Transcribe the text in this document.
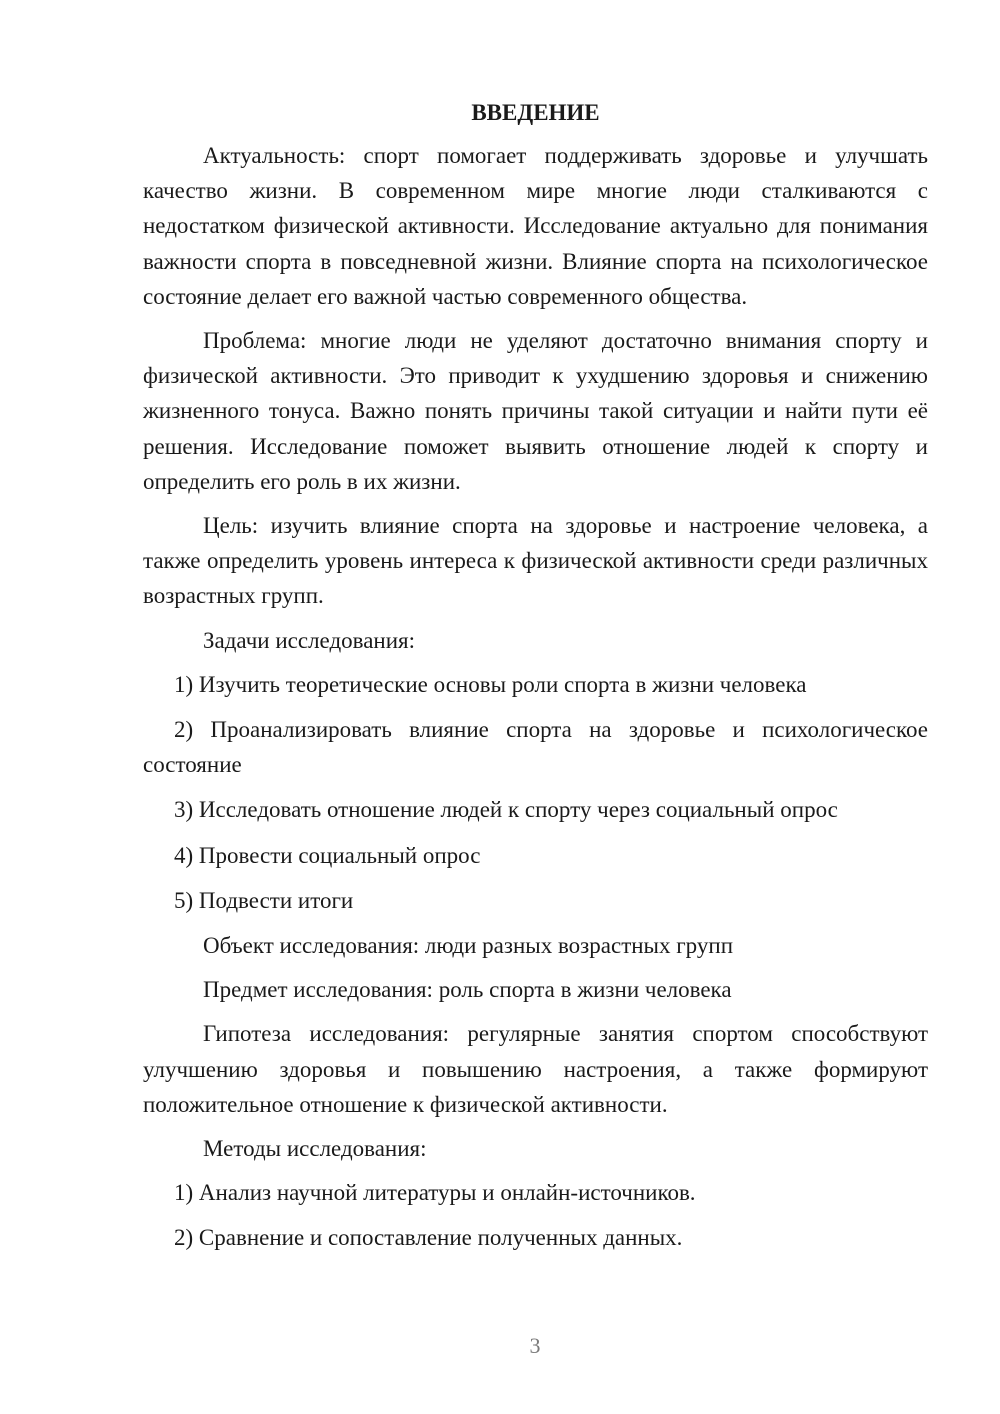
ВВЕДЕНИЕ

Актуальность: спорт помогает поддерживать здоровье и улучшать качество жизни. В современном мире многие люди сталкиваются с недостатком физической активности. Исследование актуально для понимания важности спорта в повседневной жизни. Влияние спорта на психологическое состояние делает его важной частью современного общества.

Проблема: многие люди не уделяют достаточно внимания спорту и физической активности. Это приводит к ухудшению здоровья и снижению жизненного тонуса. Важно понять причины такой ситуации и найти пути её решения. Исследование поможет выявить отношение людей к спорту и определить его роль в их жизни.

Цель: изучить влияние спорта на здоровье и настроение человека, а также определить уровень интереса к физической активности среди различных возрастных групп.

Задачи исследования:

1) Изучить теоретические основы роли спорта в жизни человека

2) Проанализировать влияние спорта на здоровье и психологическое состояние

3) Исследовать отношение людей к спорту через социальный опрос

4) Провести социальный опрос

5) Подвести итоги

Объект исследования: люди разных возрастных групп

Предмет исследования: роль спорта в жизни человека

Гипотеза исследования: регулярные занятия спортом способствуют улучшению здоровья и повышению настроения, а также формируют положительное отношение к физической активности.

Методы исследования:

1) Анализ научной литературы и онлайн-источников.

2) Сравнение и сопоставление полученных данных.

3
